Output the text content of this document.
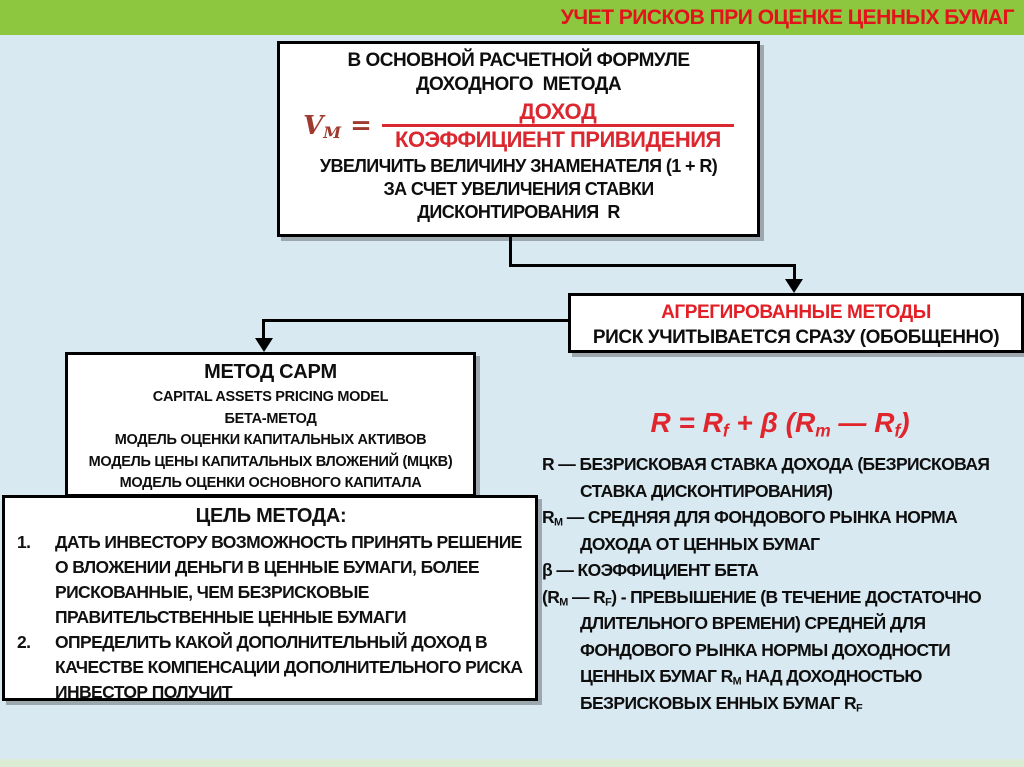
УЧЕТ РИСКОВ ПРИ ОЦЕНКЕ ЦЕННЫХ БУМАГ
В ОСНОВНОЙ РАСЧЕТНОЙ ФОРМУЛЕ
ДОХОДНОГО  МЕТОДА
$V_M = \frac{\text{ДОХОД}}{\text{КОЭФФИЦИЕНТ ПРИВИДЕНИЯ}}$
УВЕЛИЧИТЬ ВЕЛИЧИНУ ЗНАМЕНАТЕЛЯ (1 + R)
ЗА СЧЕТ УВЕЛИЧЕНИЯ СТАВКИ
ДИСКОНТИРОВАНИЯ  R
АГРЕГИРОВАННЫЕ МЕТОДЫ
РИСК УЧИТЫВАЕТСЯ СРАЗУ (ОБОБЩЕННО)
МЕТОД CAPM
CAPITAL ASSETS PRICING MODEL
БЕТА-МЕТОД
МОДЕЛЬ ОЦЕНКИ КАПИТАЛЬНЫХ АКТИВОВ
МОДЕЛЬ ЦЕНЫ КАПИТАЛЬНЫХ ВЛОЖЕНИЙ (МЦКВ)
МОДЕЛЬ ОЦЕНКИ ОСНОВНОГО КАПИТАЛА
ЦЕЛЬ МЕТОДА:
1.	ДАТЬ ИНВЕСТОРУ ВОЗМОЖНОСТЬ ПРИНЯТЬ РЕШЕНИЕ О ВЛОЖЕНИИ ДЕНЬГИ В ЦЕННЫЕ БУМАГИ, БОЛЕЕ РИСКОВАННЫЕ, ЧЕМ БЕЗРИСКОВЫЕ ПРАВИТЕЛЬСТВЕННЫЕ ЦЕННЫЕ БУМАГИ
2.	ОПРЕДЕЛИТЬ КАКОЙ ДОПОЛНИТЕЛЬНЫЙ ДОХОД В КАЧЕСТВЕ КОМПЕНСАЦИИ ДОПОЛНИТЕЛЬНОГО РИСКА ИНВЕСТОР ПОЛУЧИТ
$R = R_f + \beta$ ($R_m$ — $R_f$)
R — БЕЗРИСКОВАЯ СТАВКА ДОХОДА (БЕЗРИСКОВАЯ СТАВКА ДИСКОНТИРОВАНИЯ)
$R_M$ — СРЕДНЯЯ ДЛЯ ФОНДОВОГО РЫНКА НОРМА ДОХОДА ОТ ЦЕННЫХ БУМАГ
β — КОЭФФИЦИЕНТ БЕТА
($R_M$ — $R_F$) - ПРЕВЫШЕНИЕ (В ТЕЧЕНИЕ ДОСТАТОЧНО ДЛИТЕЛЬНОГО ВРЕМЕНИ) СРЕДНЕЙ ДЛЯ ФОНДОВОГО РЫНКА НОРМЫ ДОХОДНОСТИ ЦЕННЫХ БУМАГ $R_M$ НАД ДОХОДНОСТЬЮ БЕЗРИСКОВЫХ ЕННЫХ БУМАГ $R_F$
